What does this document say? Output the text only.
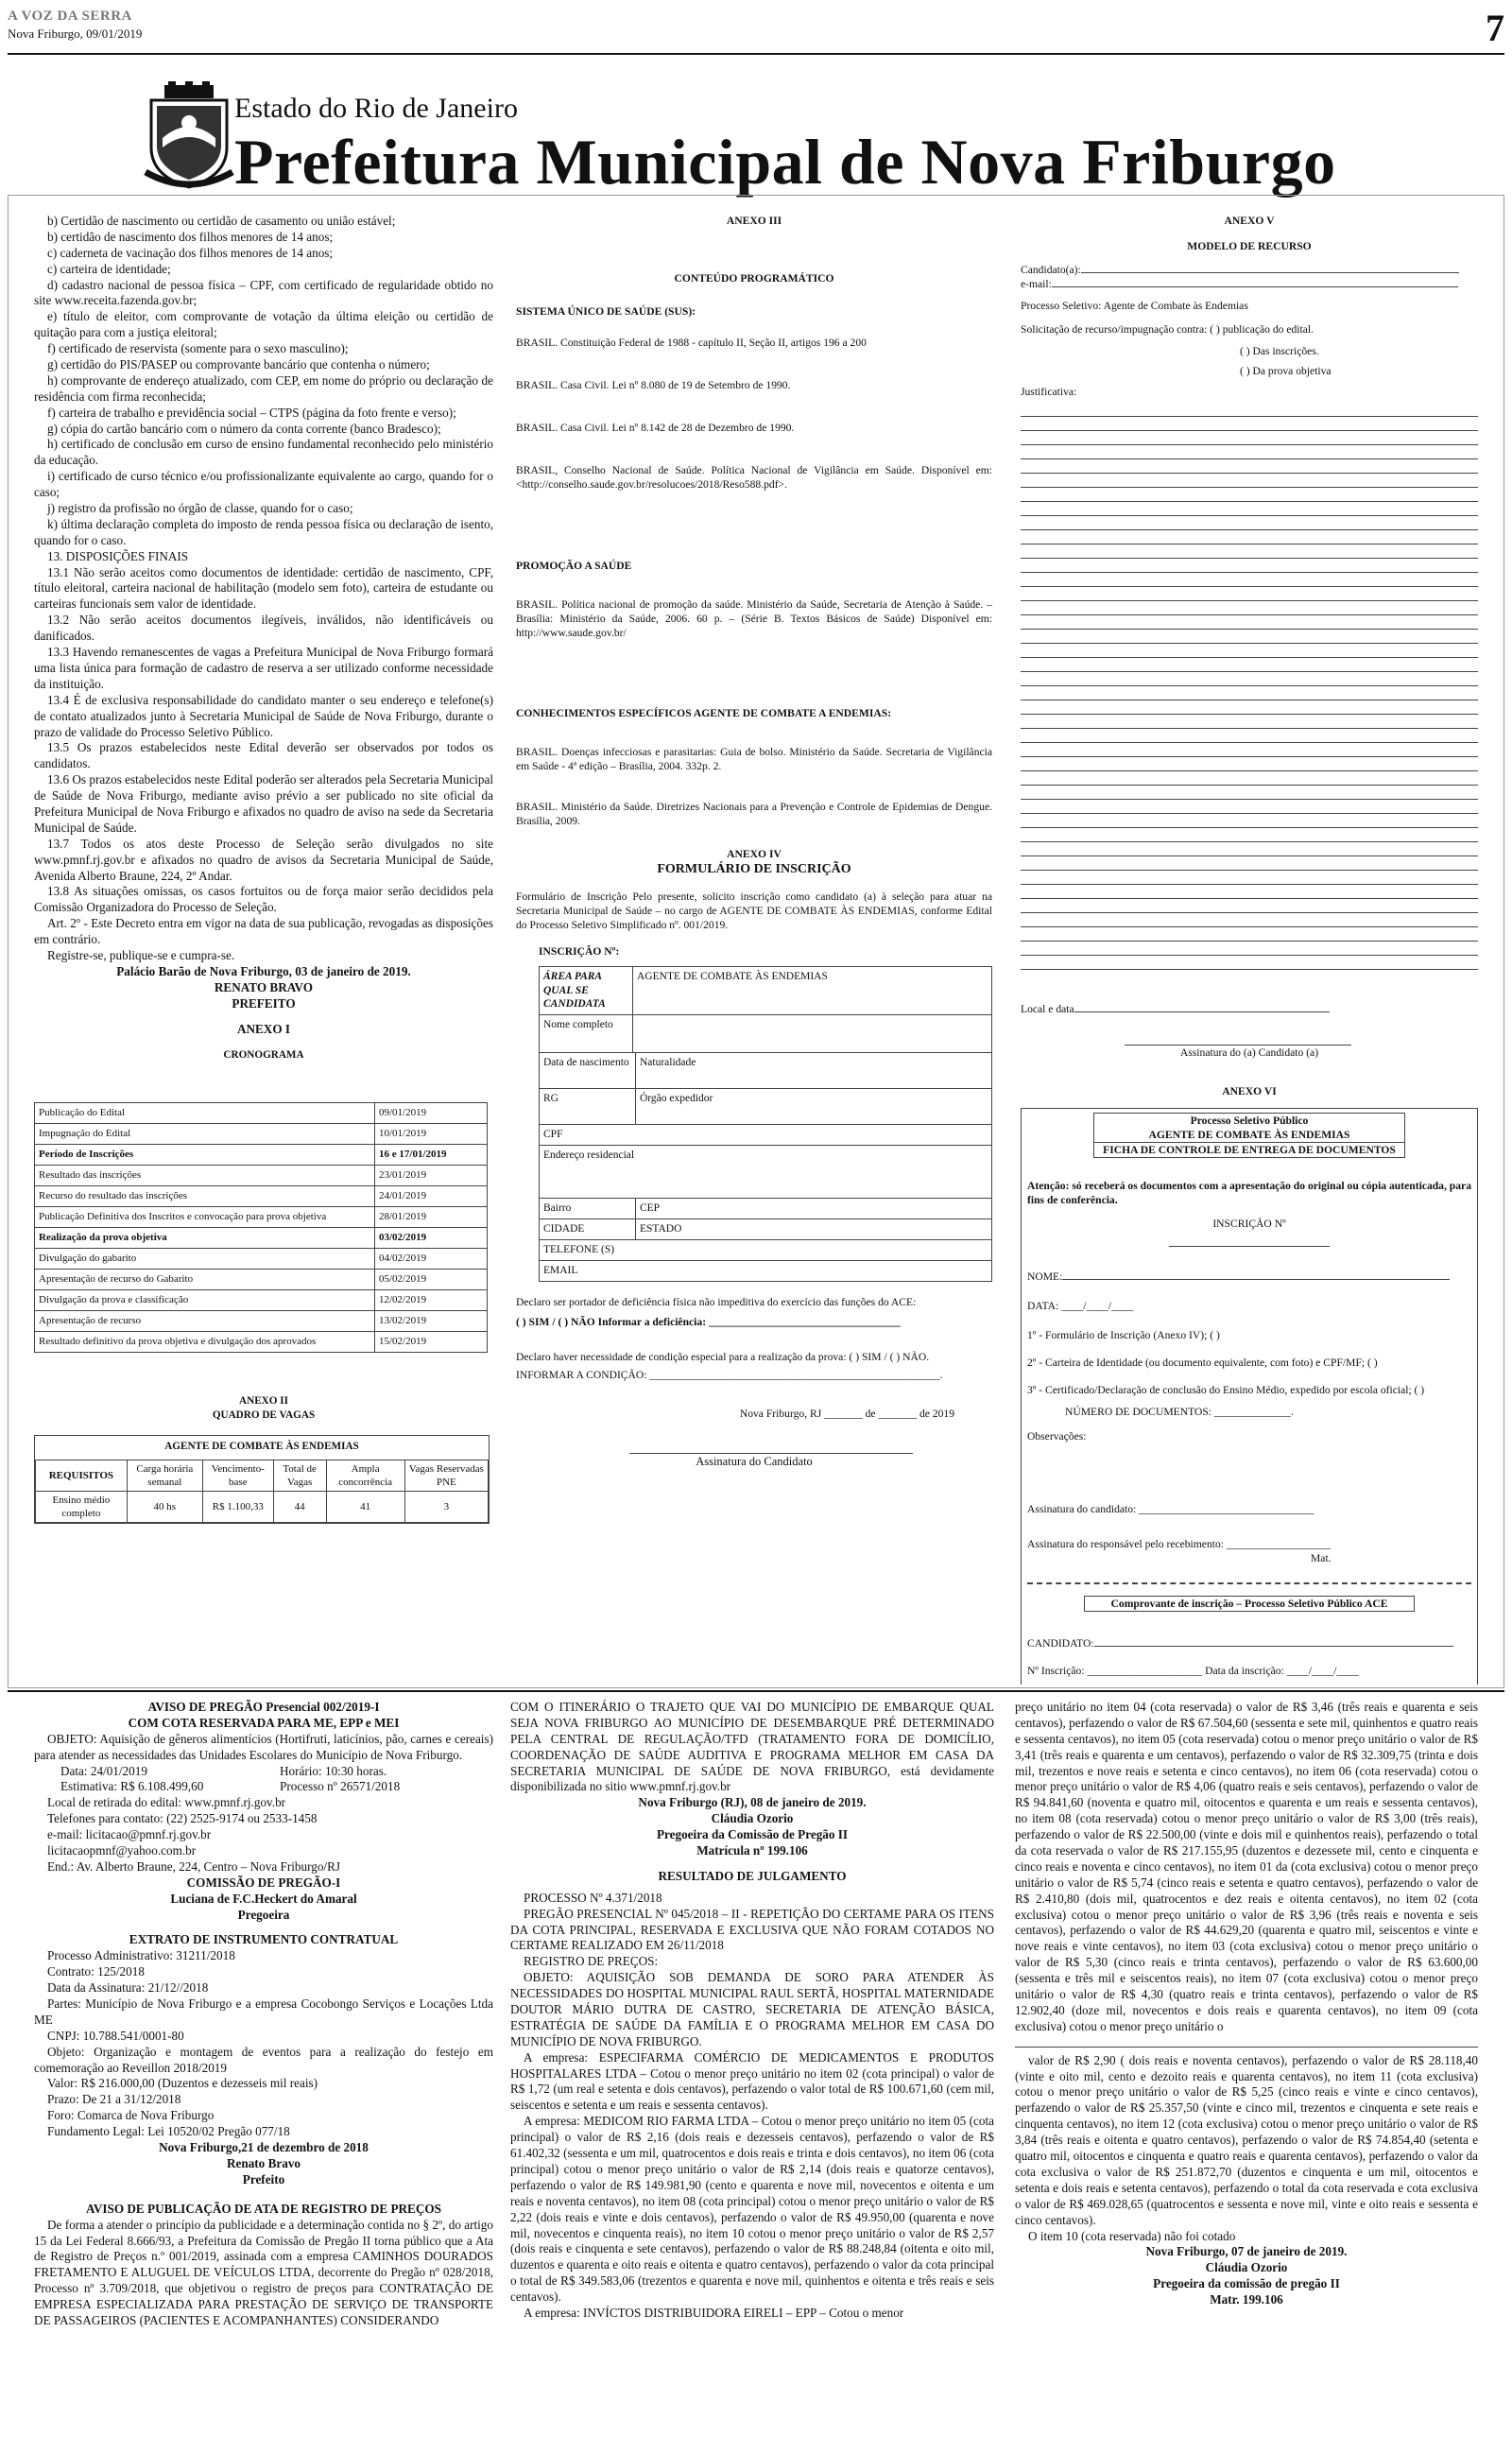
A VOZ DA SERRA
Nova Friburgo, 09/01/2019	7
Estado do Rio de Janeiro
Prefeitura Municipal de Nova Friburgo

b) Certidão de nascimento ou certidão de casamento ou união estável;

b) certidão de nascimento dos filhos menores de 14 anos;

c) caderneta de vacinação dos filhos menores de 14 anos;

c) carteira de identidade;

d) cadastro nacional de pessoa física – CPF, com certificado de regularidade obtido no site www.receita.fazenda.gov.br;

e) título de eleitor, com comprovante de votação da última eleição ou certidão de quitação para com a justiça eleitoral;

f) certificado de reservista (somente para o sexo masculino);

g) certidão do PIS/PASEP ou comprovante bancário que contenha o número;

h) comprovante de endereço atualizado, com CEP, em nome do próprio ou declaração de residência com firma reconhecida;

f) carteira de trabalho e previdência social – CTPS (página da foto frente e verso);

g) cópia do cartão bancário com o número da conta corrente (banco Bradesco);

h) certificado de conclusão em curso de ensino fundamental reconhecido pelo ministério da educação.

i) certificado de curso técnico e/ou profissionalizante equivalente ao cargo, quando for o caso;

j) registro da profissão no órgão de classe, quando for o caso;

k) última declaração completa do imposto de renda pessoa física ou declaração de isento, quando for o caso.

13. DISPOSIÇÕES FINAIS

13.1 Não serão aceitos como documentos de identidade: certidão de nascimento, CPF, título eleitoral, carteira nacional de habilitação (modelo sem foto), carteira de estudante ou carteiras funcionais sem valor de identidade.

13.2 Não serão aceitos documentos ilegíveis, inválidos, não identificáveis ou danificados.

13.3 Havendo remanescentes de vagas a Prefeitura Municipal de Nova Friburgo formará uma lista única para formação de cadastro de reserva a ser utilizado conforme necessidade da instituição.

13.4 É de exclusiva responsabilidade do candidato manter o seu endereço e telefone(s) de contato atualizados junto à Secretaria Municipal de Saúde de Nova Friburgo, durante o prazo de validade do Processo Seletivo Público.

13.5 Os prazos estabelecidos neste Edital deverão ser observados por todos os candidatos.

13.6 Os prazos estabelecidos neste Edital poderão ser alterados pela Secretaria Municipal de Saúde de Nova Friburgo, mediante aviso prévio a ser publicado no site oficial da Prefeitura Municipal de Nova Friburgo e afixados no quadro de aviso na sede da Secretaria Municipal de Saúde.

13.7 Todos os atos deste Processo de Seleção serão divulgados no site www.pmnf.rj.gov.br e afixados no quadro de avisos da Secretaria Municipal de Saúde, Avenida Alberto Braune, 224, 2º Andar.

13.8 As situações omissas, os casos fortuitos ou de força maior serão decididos pela Comissão Organizadora do Processo de Seleção.

Art. 2º - Este Decreto entra em vigor na data de sua publicação, revogadas as disposições em contrário.

Registre-se, publique-se e cumpra-se.

Palácio Barão de Nova Friburgo, 03 de janeiro de 2019.

RENATO BRAVO

PREFEITO

ANEXO I

CRONOGRAMA

Publicação do Edital	09/01/2019
Impugnação do Edital	10/01/2019
Período de Inscrições	16 e 17/01/2019
Resultado das inscrições	23/01/2019
Recurso do resultado das inscrições	24/01/2019
Publicação Definitiva dos Inscritos e convocação para prova objetiva	28/01/2019
Realização da prova objetiva	03/02/2019
Divulgação do gabarito	04/02/2019
Apresentação de recurso do Gabarito	05/02/2019
Divulgação da prova e classificação	12/02/2019
Apresentação de recurso	13/02/2019
Resultado definitivo da prova objetiva e divulgação dos aprovados	15/02/2019

ANEXO II

QUADRO DE VAGAS

AGENTE DE COMBATE ÀS ENDEMIAS

REQUISITOS	Carga horária semanal	Vencimento-base	Total de Vagas	Ampla concorrência	Vagas Reservadas PNE
Ensino médio completo	40 hs	R$ 1.100,33	44	41	3

ANEXO III

CONTEÚDO PROGRAMÁTICO

SISTEMA ÚNICO DE SAÚDE (SUS):

BRASIL. Constituição Federal de 1988 - capítulo II, Seção II, artigos 196 a 200

BRASIL. Casa Civil. Lei nº 8.080 de 19 de Setembro de 1990.

BRASIL. Casa Civil. Lei nº 8.142 de 28 de Dezembro de 1990.

BRASIL, Conselho Nacional de Saúde. Política Nacional de Vigilância em Saúde. Disponível em: <http://conselho.saude.gov.br/resolucoes/2018/Reso588.pdf>.

PROMOÇÃO A SAÚDE

BRASIL. Política nacional de promoção da saúde. Ministério da Saúde, Secretaria de Atenção à Saúde. – Brasília: Ministério da Saúde, 2006. 60 p. – (Série B. Textos Básicos de Saúde) Disponível em: http://www.saude.gov.br/

CONHECIMENTOS ESPECÍFICOS AGENTE DE COMBATE A ENDEMIAS:

BRASIL. Doenças infecciosas e parasitarias: Guia de bolso. Ministério da Saúde. Secretaria de Vigilância em Saúde - 4ª edição – Brasília, 2004. 332p. 2.

BRASIL. Ministério da Saúde. Diretrizes Nacionais para a Prevenção e Controle de Epidemias de Dengue. Brasília, 2009.

ANEXO IV

FORMULÁRIO DE INSCRIÇÃO

Formulário de Inscrição Pelo presente, solicito inscrição como candidato (a) à seleção para atuar na Secretaria Municipal de Saúde – no cargo de AGENTE DE COMBATE ÀS ENDEMIAS, conforme Edital do Processo Seletivo Simplificado nº. 001/2019.

INSCRIÇÃO Nº:

ÁREA PARA QUAL SE CANDIDATA	AGENTE DE COMBATE ÀS ENDEMIAS	
Nome completo		
Data de nascimento		Naturalidade
RG		Órgão expedidor
CPF		
Endereço residencial		
Bairro		CEP
CIDADE		ESTADO
TELEFONE (S)		
EMAIL		

Declaro ser portador de deficiência física não impeditiva do exercício das funções do ACE:

( ) SIM / ( ) NÃO Informar a deficiência: ___________________________________

Declaro haver necessidade de condição especial para a realização da prova: ( ) SIM / ( ) NÃO.

INFORMAR A CONDIÇÃO: _____________________________________________________.

Nova Friburgo, RJ _______ de _______ de 2019

Assinatura do Candidato

ANEXO V

MODELO DE RECURSO

Candidato(a):

e-mail:

Processo Seletivo: Agente de Combate às Endemias

Solicitação de recurso/impugnação contra: ( ) publicação do edital.

( ) Das inscrições.

( ) Da prova objetiva

Justificativa:

Local e data

Assinatura do (a) Candidato (a)

ANEXO VI

Processo Seletivo Público
AGENTE DE COMBATE ÀS ENDEMIAS
FICHA DE CONTROLE DE ENTREGA DE DOCUMENTOS

Atenção: só receberá os documentos com a apresentação do original ou cópia autenticada, para fins de conferência.

INSCRIÇÃO Nº

NOME:

DATA: ____/____/____

1º - Formulário de Inscrição (Anexo IV); ( )

2º - Carteira de Identidade (ou documento equivalente, com foto) e CPF/MF; ( )

3º - Certificado/Declaração de conclusão do Ensino Médio, expedido por escola oficial; ( )

NÚMERO DE DOCUMENTOS: ______________.

Observações:

Assinatura do candidato: ________________________________

Assinatura do responsável pelo recebimento: ___________________

Mat.

Comprovante de inscrição – Processo Seletivo Público ACE

CANDIDATO:

Nº Inscrição: _____________________ Data da inscrição: ____/____/____

AVISO DE PREGÃO Presencial 002/2019-I

COM COTA RESERVADA PARA ME, EPP e MEI

OBJETO: Aquisição de gêneros alimentícios (Hortifruti, laticínios, pão, carnes e cereais) para atender as necessidades das Unidades Escolares do Município de Nova Friburgo.

Data: 24/01/2019	Horário: 10:30 horas.

Estimativa: R$ 6.108.499,60	Processo nº 26571/2018

Local de retirada do edital: www.pmnf.rj.gov.br

Telefones para contato: (22) 2525-9174 ou 2533-1458

e-mail: licitacao@pmnf.rj.gov.br

licitacaopmnf@yahoo.com.br

End.: Av. Alberto Braune, 224, Centro – Nova Friburgo/RJ

COMISSÃO DE PREGÃO-I

Luciana de F.C.Heckert do Amaral

Pregoeira

EXTRATO DE INSTRUMENTO CONTRATUAL

Processo Administrativo: 31211/2018

Contrato: 125/2018

Data da Assinatura: 21/12//2018

Partes: Município de Nova Friburgo e a empresa Cocobongo Serviços e Locações Ltda ME

CNPJ: 10.788.541/0001-80

Objeto: Organização e montagem de eventos para a realização do festejo em comemoração ao Reveillon 2018/2019

Valor: R$ 216.000,00 (Duzentos e dezesseis mil reais)

Prazo: De 21 a 31/12/2018

Foro: Comarca de Nova Friburgo

Fundamento Legal: Lei 10520/02 Pregão 077/18

Nova Friburgo,21 de dezembro de 2018

Renato Bravo

Prefeito

AVISO DE PUBLICAÇÃO DE ATA DE REGISTRO DE PREÇOS

De forma a atender o princípio da publicidade e a determinação contida no § 2º, do artigo 15 da Lei Federal 8.666/93, a Prefeitura da Comissão de Pregão II torna público que a Ata de Registro de Preços n.º 001/2019, assinada com a empresa CAMINHOS DOURADOS FRETAMENTO E ALUGUEL DE VEÍCULOS LTDA, decorrente do Pregão nº 028/2018, Processo nº 3.709/2018, que objetivou o registro de preços para CONTRATAÇÃO DE EMPRESA ESPECIALIZADA PARA PRESTAÇÃO DE SERVIÇO DE TRANSPORTE DE PASSAGEIROS (PACIENTES E ACOMPANHANTES) CONSIDERANDO

COM O ITINERÁRIO O TRAJETO QUE VAI DO MUNICÍPIO DE EMBARQUE QUAL SEJA NOVA FRIBURGO AO MUNICÍPIO DE DESEMBARQUE PRÉ DETERMINADO PELA CENTRAL DE REGULAÇÃO/TFD (TRATAMENTO FORA DE DOMICÍLIO, COORDENAÇÃO DE SAÚDE AUDITIVA E PROGRAMA MELHOR EM CASA DA SECRETARIA MUNICIPAL DE SAÚDE DE NOVA FRIBURGO, está devidamente disponibilizada no sitio www.pmnf.rj.gov.br

Nova Friburgo (RJ), 08 de janeiro de 2019.

Cláudia Ozorio

Pregoeira da Comissão de Pregão II

Matrícula nº 199.106

RESULTADO DE JULGAMENTO

PROCESSO Nº 4.371/2018

PREGÃO PRESENCIAL Nº 045/2018 – II - REPETIÇÃO DO CERTAME PARA OS ITENS DA COTA PRINCIPAL, RESERVADA E EXCLUSIVA QUE NÃO FORAM COTADOS NO CERTAME REALIZADO EM 26/11/2018

REGISTRO DE PREÇOS:

OBJETO: AQUISIÇÃO SOB DEMANDA DE SORO PARA ATENDER ÀS NECESSIDADES DO HOSPITAL MUNICIPAL RAUL SERTÃ, HOSPITAL MATERNIDADE DOUTOR MÁRIO DUTRA DE CASTRO, SECRETARIA DE ATENÇÃO BÁSICA, ESTRATÉGIA DE SAÚDE DA FAMÍLIA E O PROGRAMA MELHOR EM CASA DO MUNICÍPIO DE NOVA FRIBURGO.

A empresa: ESPECIFARMA COMÉRCIO DE MEDICAMENTOS E PRODUTOS HOSPITALARES LTDA – Cotou o menor preço unitário no item 02 (cota principal) o valor de R$ 1,72 (um real e setenta e dois centavos), perfazendo o valor total de R$ 100.671,60 (cem mil, seiscentos e setenta e um reais e sessenta centavos).

A empresa: MEDICOM RIO FARMA LTDA – Cotou o menor preço unitário no item 05 (cota principal) o valor de R$ 2,16 (dois reais e dezesseis centavos), perfazendo o valor de R$ 61.402,32 (sessenta e um mil, quatrocentos e dois reais e trinta e dois centavos), no item 06 (cota principal) cotou o menor preço unitário o valor de R$ 2,14 (dois reais e quatorze centavos), perfazendo o valor de R$ 149.981,90 (cento e quarenta e nove mil, novecentos e oitenta e um reais e noventa centavos), no item 08 (cota principal) cotou o menor preço unitário o valor de R$ 2,22 (dois reais e vinte e dois centavos), perfazendo o valor de R$ 49.950,00 (quarenta e nove mil, novecentos e cinquenta reais), no item 10 cotou o menor preço unitário o valor de R$ 2,57 (dois reais e cinquenta e sete centavos), perfazendo o valor de R$ 88.248,84 (oitenta e oito mil, duzentos e quarenta e oito reais e oitenta e quatro centavos), perfazendo o valor da cota principal o total de R$ 349.583,06 (trezentos e quarenta e nove mil, quinhentos e oitenta e três reais e seis centavos).

A empresa: INVÍCTOS DISTRIBUIDORA EIRELI – EPP – Cotou o menor

preço unitário no item 04 (cota reservada) o valor de R$ 3,46 (três reais e quarenta e seis centavos), perfazendo o valor de R$ 67.504,60 (sessenta e sete mil, quinhentos e quatro reais e sessenta centavos), no item 05 (cota reservada) cotou o menor preço unitário o valor de R$ 3,41 (três reais e quarenta e um centavos), perfazendo o valor de R$ 32.309,75 (trinta e dois mil, trezentos e nove reais e setenta e cinco centavos), no item 06 (cota reservada) cotou o menor preço unitário o valor de R$ 4,06 (quatro reais e seis centavos), perfazendo o valor de R$ 94.841,60 (noventa e quatro mil, oitocentos e quarenta e um reais e sessenta centavos), no item 08 (cota reservada) cotou o menor preço unitário o valor de R$ 3,00 (três reais), perfazendo o valor de R$ 22.500,00 (vinte e dois mil e quinhentos reais), perfazendo o total da cota reservada o valor de R$ 217.155,95 (duzentos e dezessete mil, cento e cinquenta e cinco reais e noventa e cinco centavos), no item 01 da (cota exclusiva) cotou o menor preço unitário o valor de R$ 5,74 (cinco reais e setenta e quatro centavos), perfazendo o valor de R$ 2.410,80 (dois mil, quatrocentos e dez reais e oitenta centavos), no item 02 (cota exclusiva) cotou o menor preço unitário o valor de R$ 3,96 (três reais e noventa e seis centavos), perfazendo o valor de R$ 44.629,20 (quarenta e quatro mil, seiscentos e vinte e nove reais e vinte centavos), no item 03 (cota exclusiva) cotou o menor preço unitário o valor de R$ 5,30 (cinco reais e trinta centavos), perfazendo o valor de R$ 63.600,00 (sessenta e três mil e seiscentos reais), no item 07 (cota exclusiva) cotou o menor preço unitário o valor de R$ 4,30 (quatro reais e trinta centavos), perfazendo o valor de R$ 12.902,40 (doze mil, novecentos e dois reais e quarenta centavos), no item 09 (cota exclusiva) cotou o menor preço unitário o

valor de R$ 2,90 ( dois reais e noventa centavos), perfazendo o valor de R$ 28.118,40 (vinte e oito mil, cento e dezoito reais e quarenta centavos), no item 11 (cota exclusiva) cotou o menor preço unitário o valor de R$ 5,25 (cinco reais e vinte e cinco centavos), perfazendo o valor de R$ 25.357,50 (vinte e cinco mil, trezentos e cinquenta e sete reais e cinquenta centavos), no item 12 (cota exclusiva) cotou o menor preço unitário o valor de R$ 3,84 (três reais e oitenta e quatro centavos), perfazendo o valor de R$ 74.854,40 (setenta e quatro mil, oitocentos e cinquenta e quatro reais e quarenta centavos), perfazendo o valor da cota exclusiva o valor de R$ 251.872,70 (duzentos e cinquenta e um mil, oitocentos e setenta e dois reais e setenta centavos), perfazendo o total da cota reservada e cota exclusiva o valor de R$ 469.028,65 (quatrocentos e sessenta e nove mil, vinte e oito reais e sessenta e cinco centavos).

O item 10 (cota reservada) não foi cotado

Nova Friburgo, 07 de janeiro de 2019.

Cláudia Ozorio

Pregoeira da comissão de pregão II

Matr. 199.106
